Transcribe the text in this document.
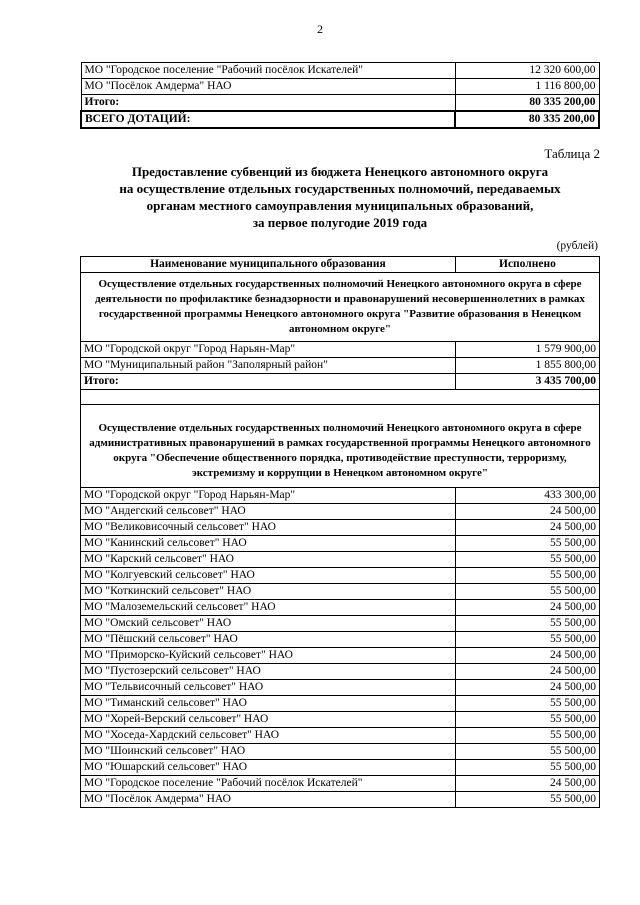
2
МО "Городское поселение "Рабочий посёлок Искателей"	12 320 600,00
МО "Посёлок Амдерма" НАО	1 116 800,00
Итого:	80 335 200,00
ВСЕГО ДОТАЦИЙ:	80 335 200,00
Таблица 2
Предоставление субвенций из бюджета Ненецкого автономного округа
на осуществление отдельных государственных полномочий, передаваемых
органам местного самоуправления муниципальных образований,
за первое полугодие 2019 года
(рублей)
Наименование муниципального образования	Исполнено
Осуществление отдельных государственных полномочий Ненецкого автономного округа в сфере деятельности по профилактике безнадзорности и правонарушений несовершеннолетних в рамках государственной программы Ненецкого автономного округа "Развитие образования в Ненецком автономном округе"	
МО "Городской округ "Город Нарьян-Мар"	1 579 900,00
МО "Муниципальный район "Заполярный район"	1 855 800,00
Итого:	3 435 700,00

Осуществление отдельных государственных полномочий Ненецкого автономного округа в сфере административных правонарушений в рамках государственной программы Ненецкого автономного округа "Обеспечение общественного порядка, противодействие преступности, терроризму, экстремизму и коррупции в Ненецком автономном округе"	
МО "Городской округ "Город Нарьян-Мар"	433 300,00
МО "Андегский сельсовет" НАО	24 500,00
МО "Великовисочный сельсовет" НАО	24 500,00
МО "Канинский сельсовет" НАО	55 500,00
МО "Карский сельсовет" НАО	55 500,00
МО "Колгуевский сельсовет" НАО	55 500,00
МО "Коткинский сельсовет" НАО	55 500,00
МО "Малоземельский сельсовет" НАО	24 500,00
МО "Омский сельсовет" НАО	55 500,00
МО "Пёшский сельсовет" НАО	55 500,00
МО "Приморско-Куйский сельсовет" НАО	24 500,00
МО "Пустозерский сельсовет" НАО	24 500,00
МО "Тельвисочный сельсовет" НАО	24 500,00
МО "Тиманский сельсовет" НАО	55 500,00
МО "Хорей-Верский сельсовет" НАО	55 500,00
МО "Хоседа-Хардский сельсовет" НАО	55 500,00
МО "Шоинский сельсовет" НАО	55 500,00
МО "Юшарский сельсовет" НАО	55 500,00
МО "Городское поселение "Рабочий посёлок Искателей"	24 500,00
МО "Посёлок Амдерма" НАО	55 500,00
